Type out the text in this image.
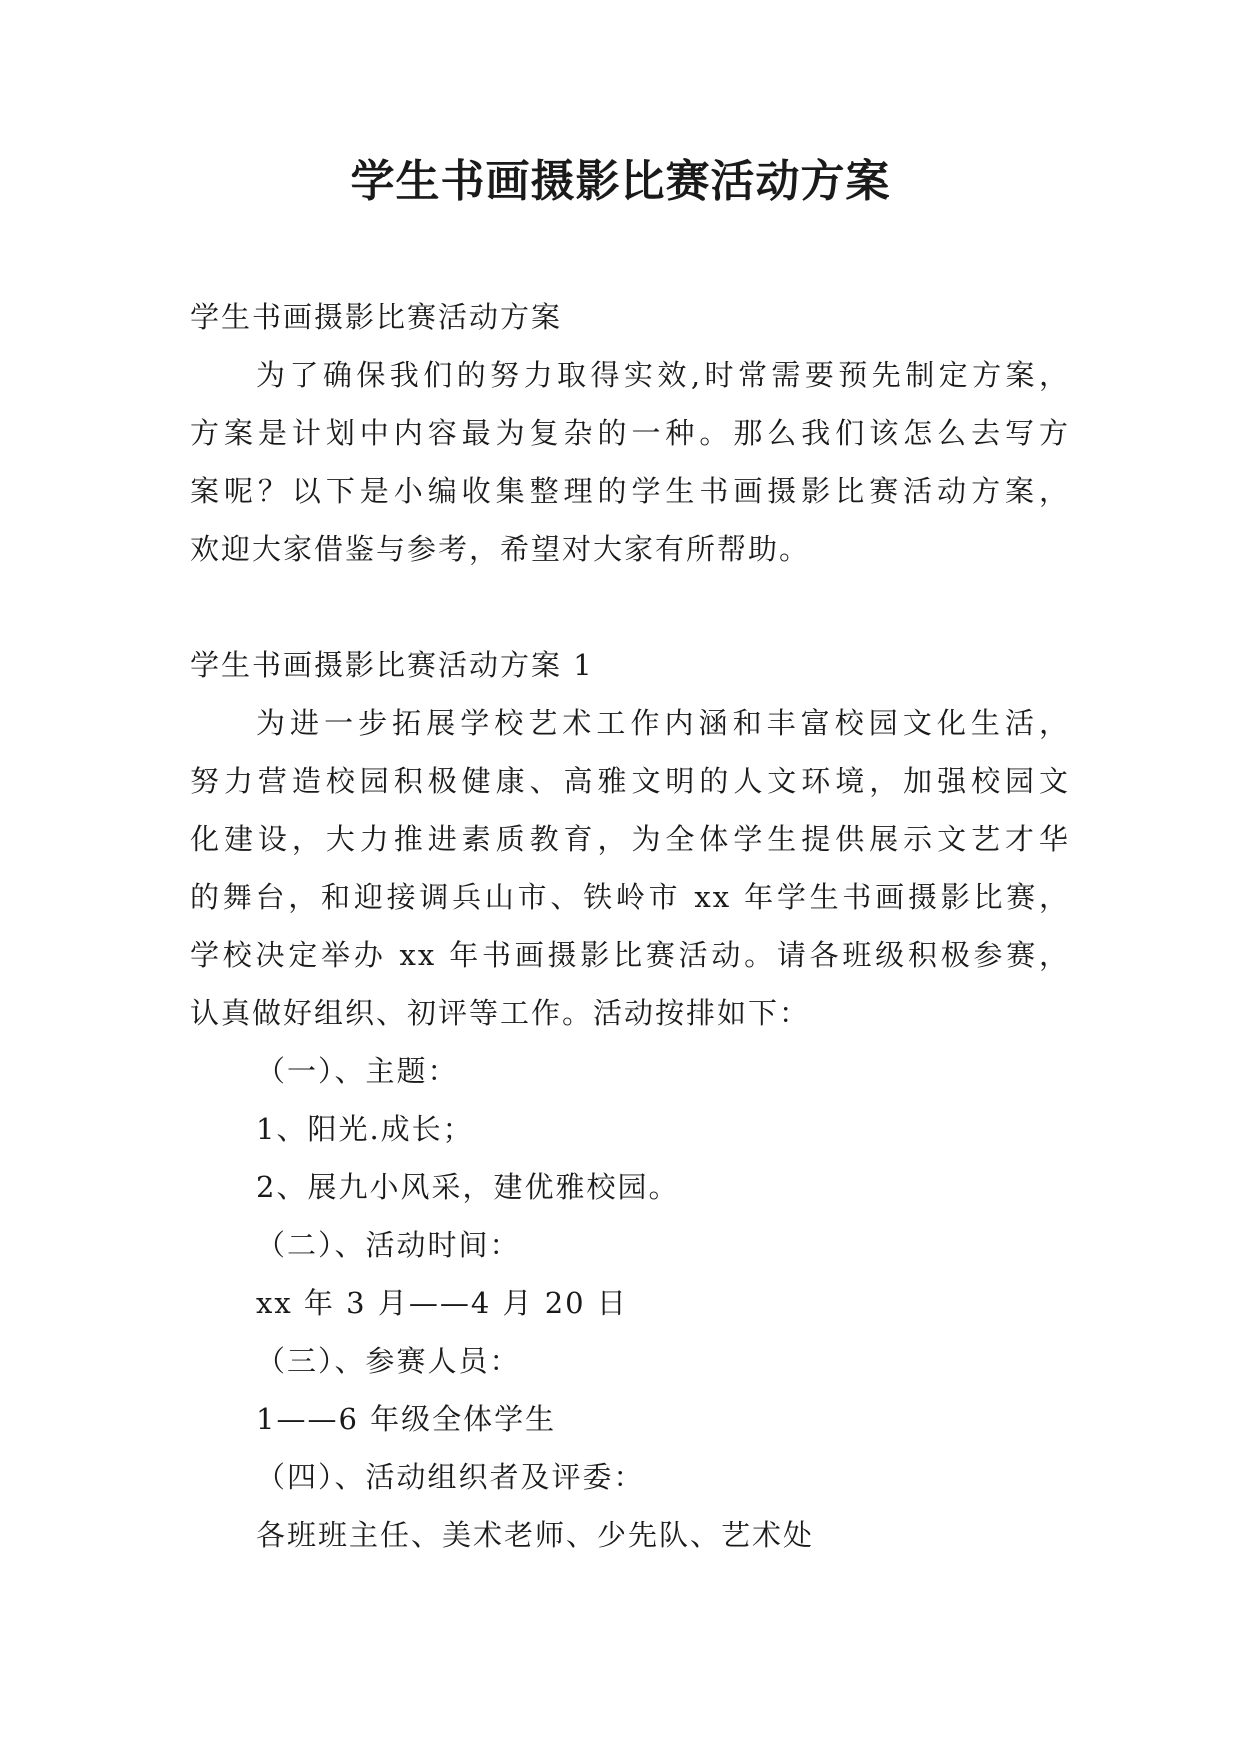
学生书画摄影比赛活动方案
学生书画摄影比赛活动方案
为了确保我们的努力取得实效,时常需要预先制定方案，
方案是计划中内容最为复杂的一种。那么我们该怎么去写方
案呢？以下是小编收集整理的学生书画摄影比赛活动方案，
欢迎大家借鉴与参考，希望对大家有所帮助。
学生书画摄影比赛活动方案 1
为进一步拓展学校艺术工作内涵和丰富校园文化生活，
努力营造校园积极健康、高雅文明的人文环境，加强校园文
化建设，大力推进素质教育，为全体学生提供展示文艺才华
的舞台，和迎接调兵山市、铁岭市 xx 年学生书画摄影比赛，
学校决定举办 xx 年书画摄影比赛活动。请各班级积极参赛，
认真做好组织、初评等工作。活动按排如下：
（一）、主题：
1、阳光.成长；
2、展九小风采，建优雅校园。
（二）、活动时间：
xx 年 3 月——4 月 20 日
（三）、参赛人员：
1——6 年级全体学生
（四）、活动组织者及评委：
各班班主任、美术老师、少先队、艺术处
